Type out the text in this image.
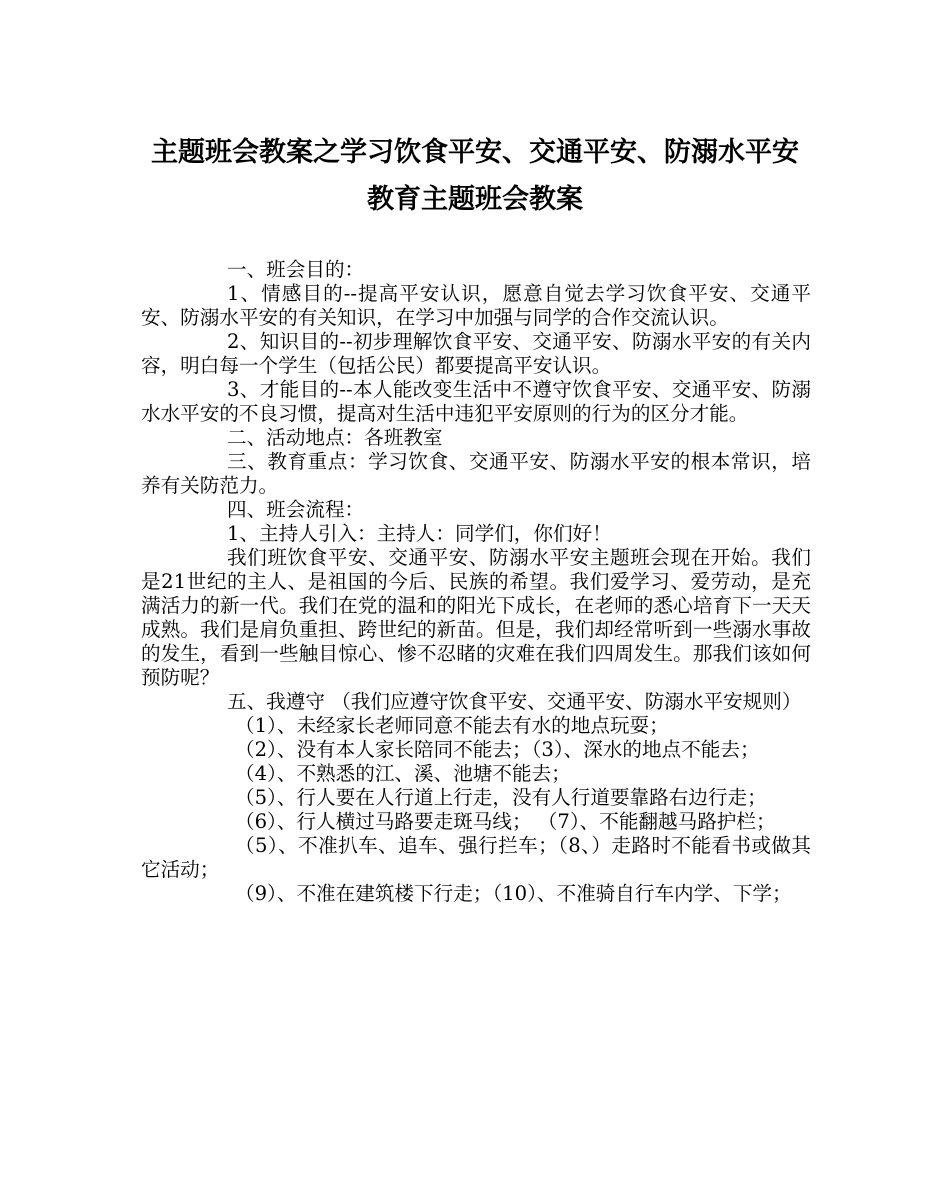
主题班会教案之学习饮食平安、交通平安、防溺水平安
教育主题班会教案

一、班会目的：

1、情感目的--提高平安认识，愿意自觉去学习饮食平安、交通平安、防溺水平安的有关知识，在学习中加强与同学的合作交流认识。

2、知识目的--初步理解饮食平安、交通平安、防溺水平安的有关内容，明白每一个学生（包括公民）都要提高平安认识。

3、才能目的--本人能改变生活中不遵守饮食平安、交通平安、防溺水水平安的不良习惯，提高对生活中违犯平安原则的行为的区分才能。

二、活动地点：各班教室

三、教育重点：学习饮食、交通平安、防溺水平安的根本常识，培养有关防范力。

四、班会流程：

1、主持人引入：主持人：同学们，你们好！

我们班饮食平安、交通平安、防溺水平安主题班会现在开始。我们是21世纪的主人、是祖国的今后、民族的希望。我们爱学习、爱劳动，是充满活力的新一代。我们在党的温和的阳光下成长，在老师的悉心培育下一天天成熟。我们是肩负重担、跨世纪的新苗。但是，我们却经常听到一些溺水事故的发生，看到一些触目惊心、惨不忍睹的灾难在我们四周发生。那我们该如何预防呢？

五、我遵守 （我们应遵守饮食平安、交通平安、防溺水平安规则）

（1）、未经家长老师同意不能去有水的地点玩耍；

（2）、没有本人家长陪同不能去；（3）、深水的地点不能去；

（4）、不熟悉的江、溪、池塘不能去；

（5）、行人要在人行道上行走，没有人行道要靠路右边行走；

（6）、行人横过马路要走斑马线； （7）、不能翻越马路护栏；

（5）、不准扒车、追车、强行拦车；（8、）走路时不能看书或做其它活动；

（9）、不准在建筑楼下行走；（10）、不准骑自行车内学、下学；
